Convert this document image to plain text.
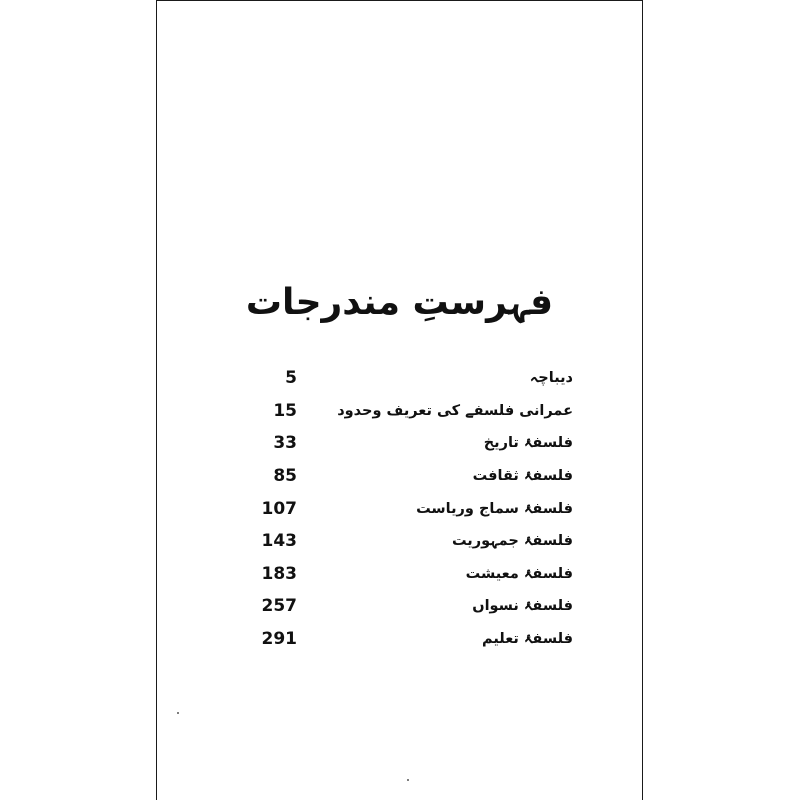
فہرستِ مندرجات
5	دیباچہ
15	عمرانی فلسفے کی تعریف وحدود
33	فلسفۂ تاریخ
85	فلسفۂ ثقافت
107	فلسفۂ سماج وریاست
143	فلسفۂ جمہوریت
183	فلسفۂ معیشت
257	فلسفۂ نسواں
291	فلسفۂ تعلیم
